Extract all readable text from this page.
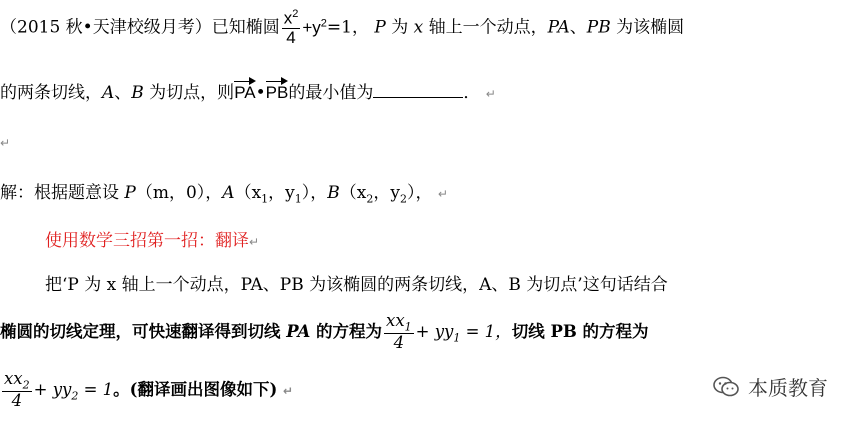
（2015 秋•天津校级月考）已知椭圆 $\frac{x^2}{4} +y^2=1$， P 为 x 轴上一个动点，PA、PB 为该椭圆
的两条切线，A、B 为切点，则PA•PB的最小值为	． ↵
↵
解：根据题意设 P（m，0），$A(x_1$，$y_1$），$B(x_2$，$y_2$）， ↵
使用数学三招第一招：翻译↵
把‘P 为 x 轴上一个动点，PA、PB 为该椭圆的两条切线，A、B 为切点’这句话结合
椭圆的切线定理，可快速翻译得到切线 PA 的方程为 $\frac{xx_1}{4} + yy_1 = 1$，切线 PB 的方程为
$\frac{xx_2}{4} + yy_2 = 1$。(翻译画出图像如下) ↵	本质教育
